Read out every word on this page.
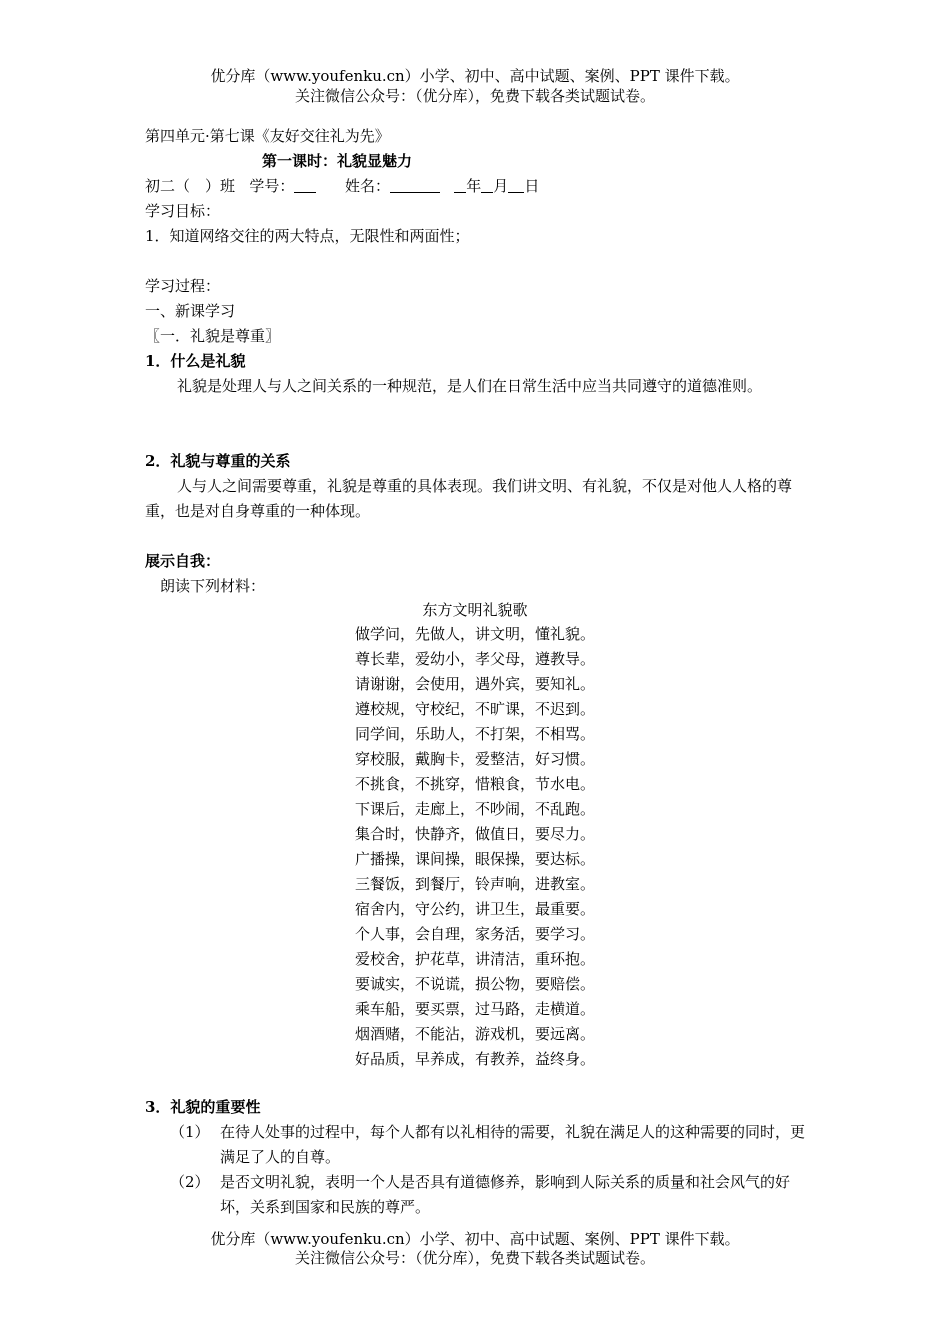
优分库（www.youfenku.cn）小学、初中、高中试题、案例、PPT 课件下载。
关注微信公众号：（优分库），免费下载各类试题试卷。
第四单元·第七课《友好交往礼为先》
第一课时：礼貌显魅力
初二（　）班 学号：	姓名：	年 月 日
学习目标：
1．知道网络交往的两大特点，无限性和两面性；
学习过程：
一、新课学习
〖一．礼貌是尊重〗
1．什么是礼貌
礼貌是处理人与人之间关系的一种规范，是人们在日常生活中应当共同遵守的道德准则。
2．礼貌与尊重的关系
人与人之间需要尊重，礼貌是尊重的具体表现。我们讲文明、有礼貌，不仅是对他人人格的尊重，也是对自身尊重的一种体现。
展示自我：
朗读下列材料：
东方文明礼貌歌
做学问，先做人，讲文明，懂礼貌。
尊长辈，爱幼小，孝父母，遵教导。
请谢谢，会使用，遇外宾，要知礼。
遵校规，守校纪，不旷课，不迟到。
同学间，乐助人，不打架，不相骂。
穿校服，戴胸卡，爱整洁，好习惯。
不挑食，不挑穿，惜粮食，节水电。
下课后，走廊上，不吵闹，不乱跑。
集合时，快静齐，做值日，要尽力。
广播操，课间操，眼保操，要达标。
三餐饭，到餐厅，铃声响，进教室。
宿舍内，守公约，讲卫生，最重要。
个人事，会自理，家务活，要学习。
爱校舍，护花草，讲清洁，重环抱。
要诚实，不说谎，损公物，要赔偿。
乘车船，要买票，过马路，走横道。
烟酒赌，不能沾，游戏机，要远离。
好品质，早养成，有教养，益终身。
3．礼貌的重要性
（1） 在待人处事的过程中，每个人都有以礼相待的需要，礼貌在满足人的这种需要的同时，更满足了人的自尊。
（2） 是否文明礼貌，表明一个人是否具有道德修养，影响到人际关系的质量和社会风气的好坏，关系到国家和民族的尊严。
优分库（www.youfenku.cn）小学、初中、高中试题、案例、PPT 课件下载。
关注微信公众号：（优分库），免费下载各类试题试卷。
